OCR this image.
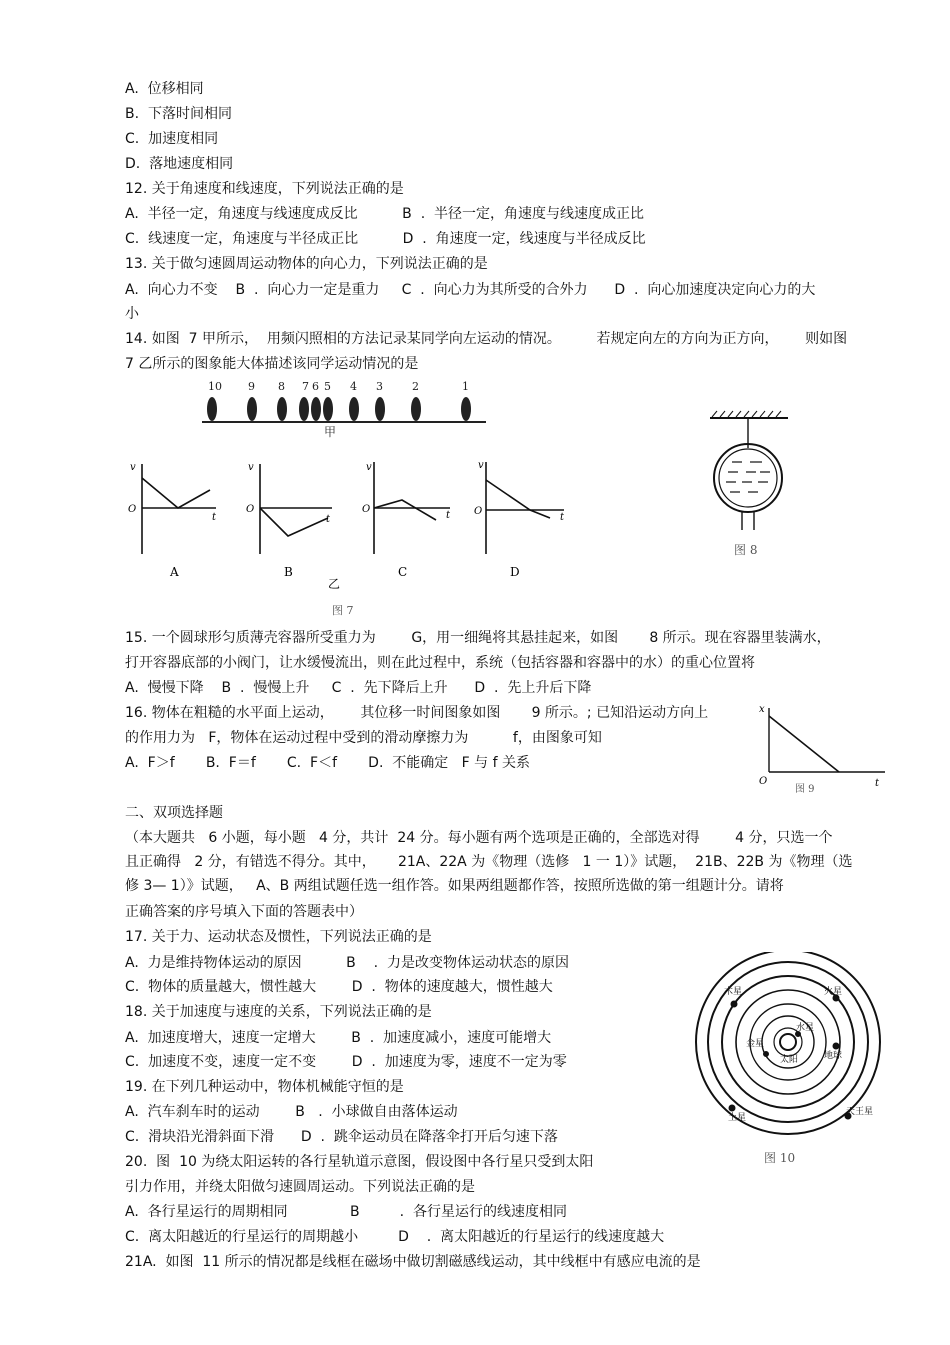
A.  位移相同
B.  下落时间相同
C.  加速度相同
D.  落地速度相同
12. 关于角速度和线速度，下列说法正确的是
A.  半径一定，角速度与线速度成反比          B  .  半径一定，角速度与线速度成正比
C.  线速度一定，角速度与半径成正比          D  .  角速度一定，线速度与半径成反比
13. 关于做匀速圆周运动物体的向心力，下列说法正确的是
A.  向心力不变    B  .  向心力一定是重力     C  .  向心力为其所受的合外力      D  .  向心加速度决定向心力的大
小
14. 如图  7 甲所示，  用频闪照相的方法记录某同学向左运动的情况。        若规定向左的方向为正方向，      则如图
7 乙所示的图象能大体描述该同学运动情况的是
15. 一个圆球形匀质薄壳容器所受重力为        G，用一细绳将其悬挂起来，如图       8 所示。现在容器里装满水，
打开容器底部的小阀门，让水缓慢流出，则在此过程中，系统（包括容器和容器中的水）的重心位置将
A.  慢慢下降    B  .  慢慢上升     C  .  先下降后上升      D  .  先上升后下降
16. 物体在粗糙的水平面上运动，      其位移一时间图象如图       9 所示。; 已知沿运动方向上
的作用力为   F，物体在运动过程中受到的滑动摩擦力为          f，由图象可知
A.  F＞f       B.  F＝f       C.  F＜f       D.  不能确定   F 与 f 关系
二、双项选择题
（本大题共   6 小题，每小题   4 分，共计  24 分。每小题有两个选项是正确的，全部选对得        4 分，只选一个
且正确得   2 分，有错选不得分。其中，     21A、22A 为《物理（选修   1 一 1）》试题，  21B、22B 为《物理（选
修 3— 1）》试题，   A、B 两组试题任选一组作答。如果两组题都作答，按照所选做的第一组题计分。请将
正确答案的序号填入下面的答题表中）
17. 关于力、运动状态及惯性，下列说法正确的是
A.  力是维持物体运动的原因          B    .  力是改变物体运动状态的原因
C.  物体的质量越大，惯性越大        D  .  物体的速度越大，惯性越大
18. 关于加速度与速度的关系，下列说法正确的是
A.  加速度增大，速度一定增大        B  .  加速度减小，速度可能增大
C.  加速度不变，速度一定不变        D  .  加速度为零，速度不一定为零
19. 在下列几种运动中，物体机械能守恒的是
A.  汽车刹车时的运动        B   .  小球做自由落体运动
C.  滑块沿光滑斜面下滑      D  .  跳伞运动员在降落伞打开后匀速下落
20.  图  10 为绕太阳运转的各行星轨道示意图，假设图中各行星只受到太阳
引力作用，并绕太阳做匀速圆周运动。下列说法正确的是
A.  各行星运行的周期相同              B         .  各行星运行的线速度相同
C.  离太阳越近的行星运行的周期越小         D    .  离太阳越近的行星运行的线速度越大
21A.  如图  11 所示的情况都是线框在磁场中做切割磁感线运动，其中线框中有感应电流的是
10 9 8 7 6 5 4 3	2	1
甲
v
O
t
A
v
O
t
B
v
O
t
C
乙
v
O
t
D
图 7
图 8
x
O	t
图 9
木星	火星
水星
金星
太阳	地球
土星
天王星
图 10
